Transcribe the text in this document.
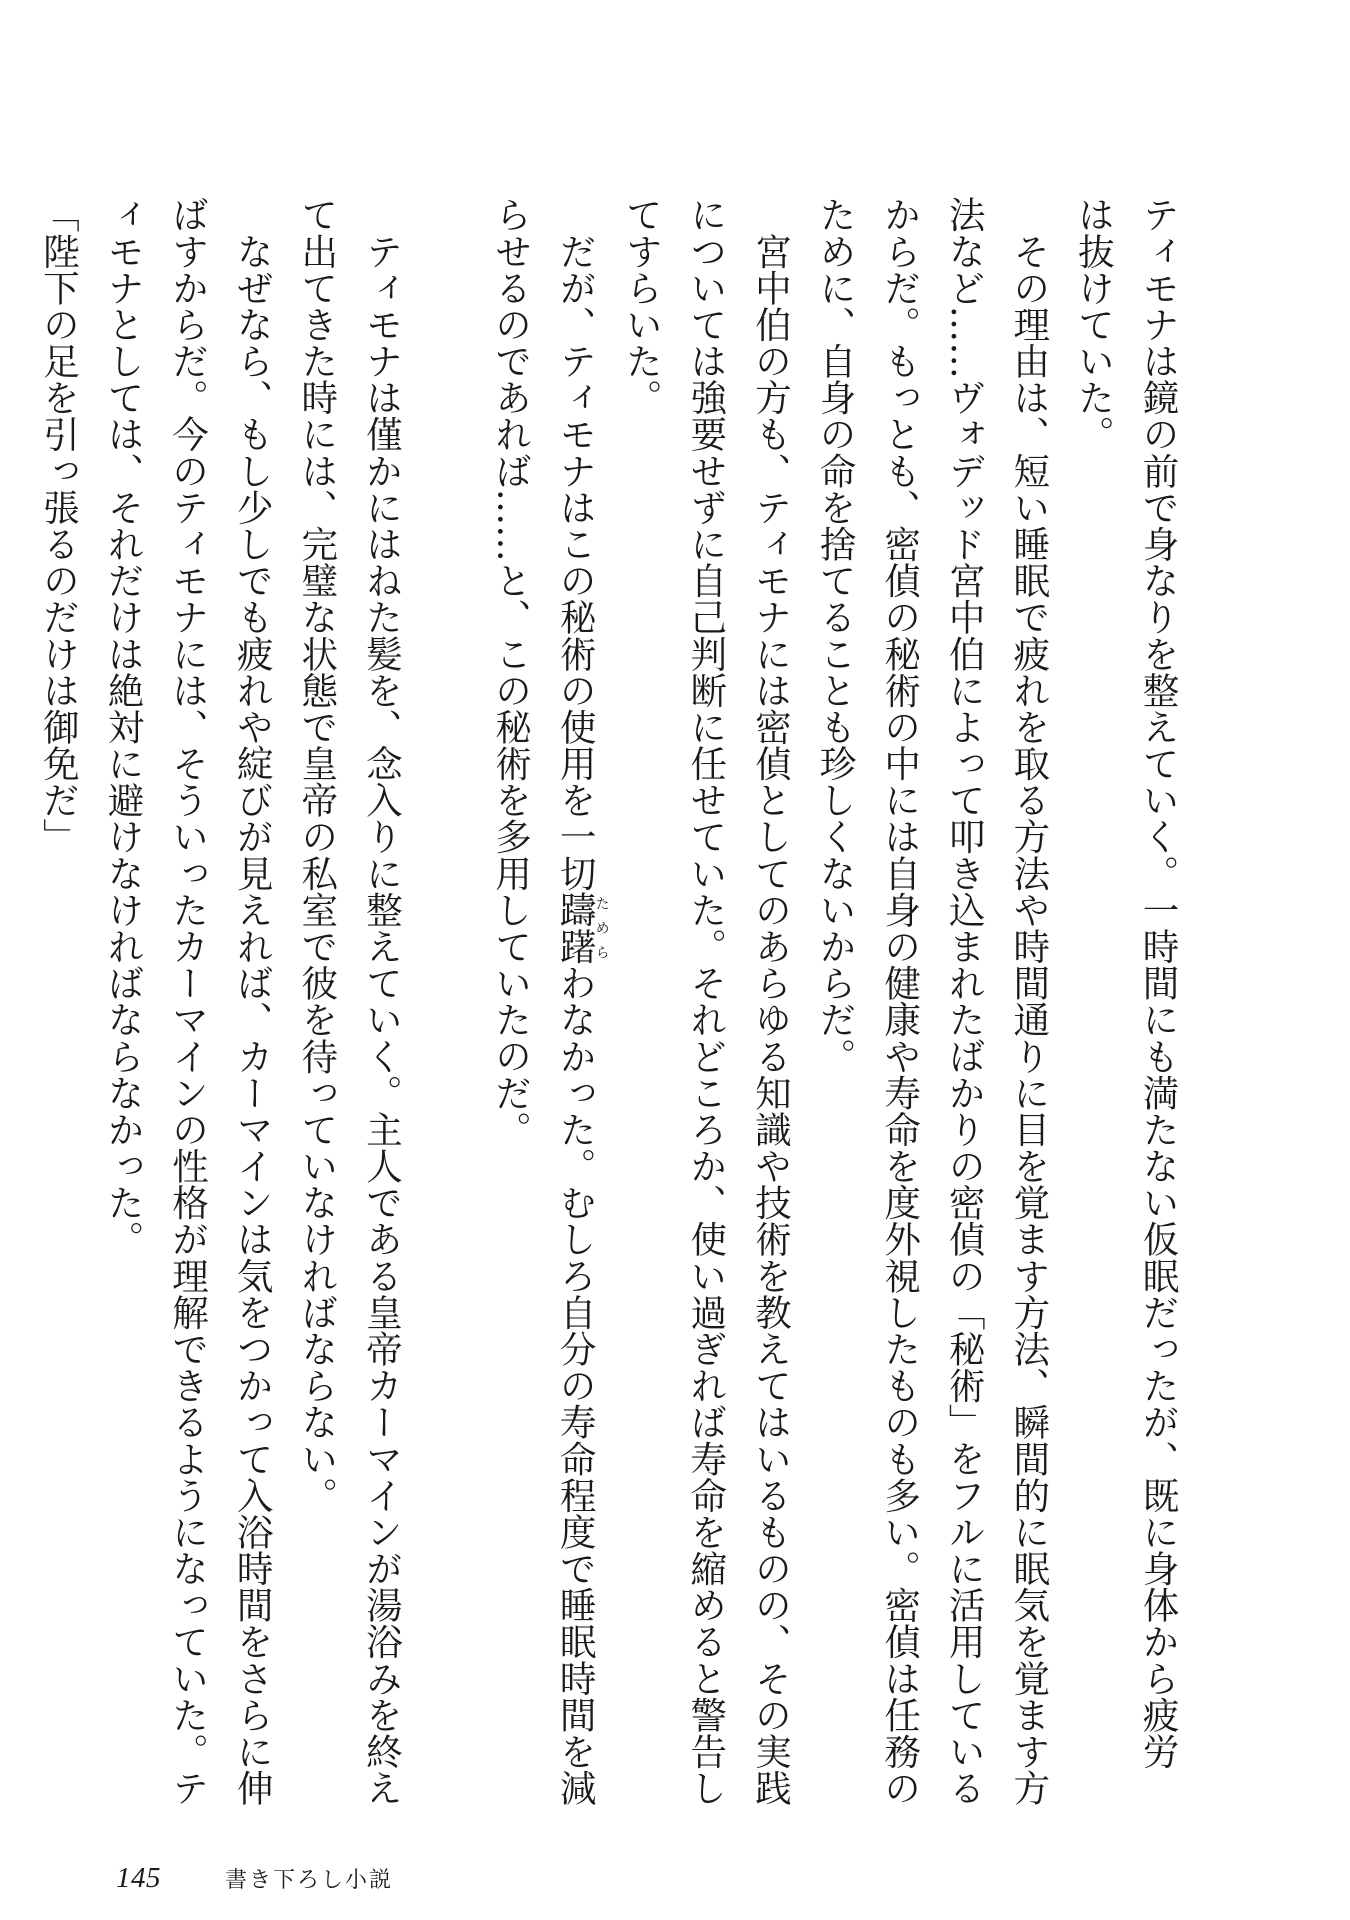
ティモナは鏡の前で身なりを整えていく。一時間にも満たない仮眠だったが、既に身体から疲労

は抜けていた。

　その理由は、短い睡眠で疲れを取る方法や時間通りに目を覚ます方法、瞬間的に眠気を覚ます方

法など……ヴォデッド宮中伯によって叩き込まれたばかりの密偵の「秘術」をフルに活用している

からだ。もっとも、密偵の秘術の中には自身の健康や寿命を度外視したものも多い。密偵は任務の

ために、自身の命を捨てることも珍しくないからだ。

　宮中伯の方も、ティモナには密偵としてのあらゆる知識や技術を教えてはいるものの、その実践

については強要せずに自己判断に任せていた。それどころか、使い過ぎれば寿命を縮めると警告し

てすらいた。

　だが、ティモナはこの秘術の使用を一切躊躇ためらわなかった。むしろ自分の寿命程度で睡眠時間を減

らせるのであれば……と、この秘術を多用していたのだ。

　ティモナは僅かにはねた髪を、念入りに整えていく。主人である皇帝カーマインが湯浴みを終え

て出てきた時には、完璧な状態で皇帝の私室で彼を待っていなければならない。

　なぜなら、もし少しでも疲れや綻びが見えれば、カーマインは気をつかって入浴時間をさらに伸

ばすからだ。今のティモナには、そういったカーマインの性格が理解できるようになっていた。テ

ィモナとしては、それだけは絶対に避けなければならなかった。

「陛下の足を引っ張るのだけは御免だ」

145	書き下ろし小説
